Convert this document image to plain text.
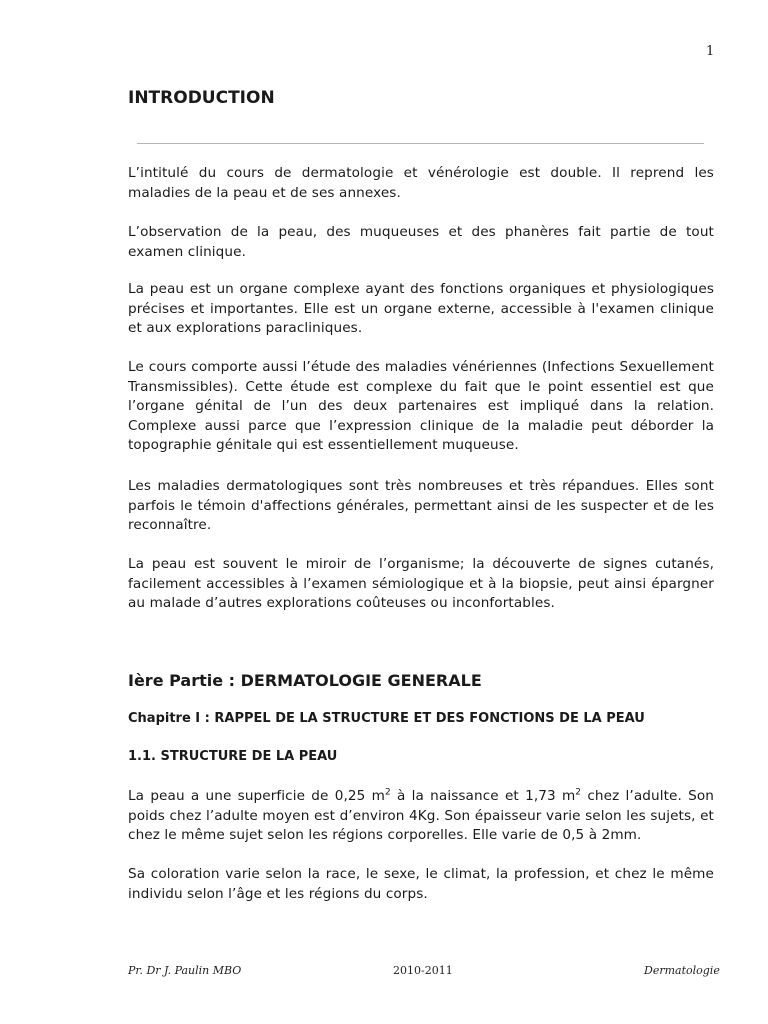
1
INTRODUCTION

L’intitulé du cours de dermatologie et vénérologie est double. Il reprend les maladies de la peau et de ses annexes.

L’observation de la peau, des muqueuses et des phanères fait partie de tout examen clinique.

La peau est un organe complexe ayant des fonctions organiques et physiologiques précises et importantes. Elle est un organe externe, accessible à l'examen clinique et aux explorations paracliniques.

Le cours comporte aussi l’étude des maladies vénériennes (Infections Sexuellement Transmissibles). Cette étude est complexe du fait que le point essentiel est que l’organe génital de l’un des deux partenaires est impliqué dans la relation. Complexe aussi parce que l’expression clinique de la maladie peut déborder la topographie génitale qui est essentiellement muqueuse.

Les maladies dermatologiques sont très nombreuses et très répandues. Elles sont parfois le témoin d'affections générales, permettant ainsi de les suspecter et de les reconnaître.

La peau est souvent le miroir de l’organisme; la découverte de signes cutanés, facilement accessibles à l’examen sémiologique et à la biopsie, peut ainsi épargner au malade d’autres explorations coûteuses ou inconfortables.

Ière Partie : DERMATOLOGIE GENERALE
Chapitre I : RAPPEL DE LA STRUCTURE ET DES FONCTIONS DE LA PEAU
1.1. STRUCTURE DE LA PEAU

La peau a une superficie de 0,25 $m^2$ à la naissance et 1,73 $m^2$ chez l’adulte. Son poids chez l’adulte moyen est d’environ 4Kg. Son épaisseur varie selon les sujets, et chez le même sujet selon les régions corporelles. Elle varie de 0,5 à 2mm.

Sa coloration varie selon la race, le sexe, le climat, la profession, et chez le même individu selon l’âge et les régions du corps.

Pr. Dr J. Paulin MBO	2010-2011	Dermatologie
